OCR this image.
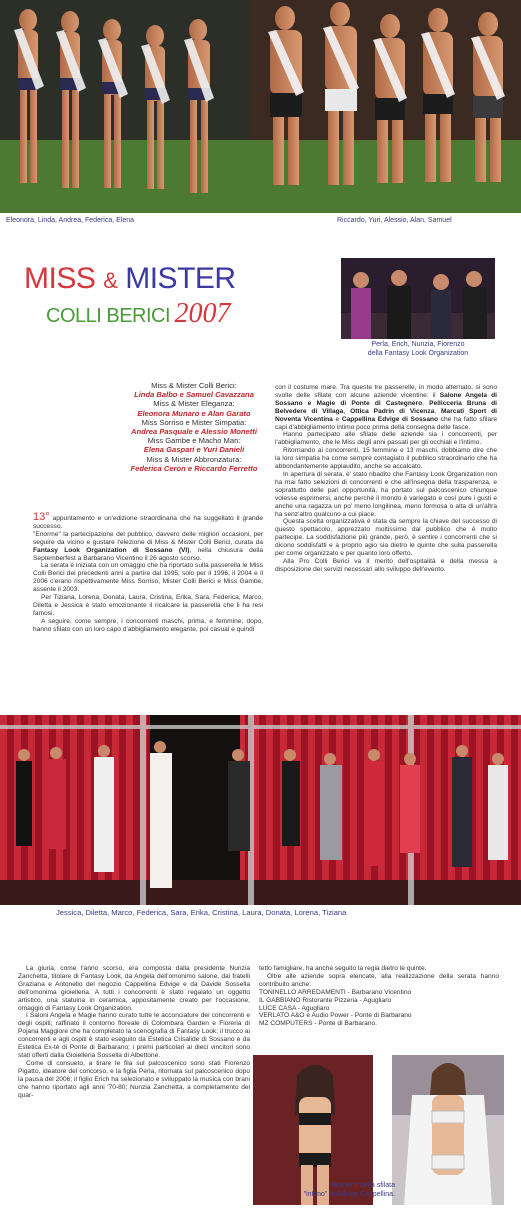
Eleonora, Linda, Andrea, Federica, Elena	Riccardo, Yuri, Alessio, Alan, Samuel
MISS & MISTER
COLLI BERICI 2007
Perla, Erich, Nunzia, Fiorenzo
della Fantasy Look Organization
Miss & Mister Colli Berici:
Linda Balbo e Samuel Cavazzana
Miss & Mister Eleganza:
Eleonora Munaro e Alan Garato
Miss Sorriso e Mister Simpatia:
Andrea Pasquale e Alessio Monetti
Miss Gambe e Macho Man:
Elena Gaspari e Yuri Danieli
Miss & Mister Abbronzatura:
Federica Ceron e Riccardo Ferretto

13° appuntamento e un'edizione straordinaria che ha suggellato il grande successo.

"Enorme" la partecipazione del pubblico, davvero delle migliori occasioni, per seguire da vicino e gustare l'elezione di Miss & Mister Colli Berici, curata da Fantasy Look Organization di Sossano (VI), nella chiusura della Septemberfest a Barbarano Vicentino il 26 agosto scorso.

La serata è iniziata con un omaggio che ha riportato sulla passerella le Miss Colli Berici dei precedenti anni a partire dal 1995; solo per il 1996, il 2004 e il 2006 c'erano rispettivamente Miss Sorriso, Mister Colli Berici e Miss Gambe, assente il 2003.

Per Tiziana, Lorena, Donata, Laura, Cristina, Erika, Sara, Federica, Marco, Diletta e Jessica è stato emozionante il ricalcare la passerella che li ha resi famosi.

A seguire, come sempre, i concorrenti maschi, prima, e femmine, dopo, hanno sfilato con un loro capo d'abbigliamento elegante, poi casual e quindi

con il costume mare. Tra queste tre passerelle, in modo alternato, si sono svolte delle sfilate con alcune aziende vicentine: il Salone Angela di Sossano e Magie di Ponte di Castegnero, Pellicceria Bruna di Belvedere di Villaga, Ottica Padrin di Vicenza, Marcati Sport di Noventa Vicentina e Cappellina Edvige di Sossano che ha fatto sfilare capi d'abbigliamento intimo poco prima della consegna delle fasce.

Hanno partecipato alle sfilate delle aziende sia i concorrenti, per l'abbigliamento, che le Miss degli anni passati per gli occhiali e l'intimo.

Ritornando ai concorrenti, 15 femmine e 13 maschi, dobbiamo dire che la loro simpatia ha come sempre contagiato il pubblico straordinario che ha abbondantemente applaudito, anche se accalcato.

In apertura di serata, è' stato ribadito che Fantasy Look Organization non ha mai fatto selezioni di concorrenti e che all'insegna della trasparenza, e soprattutto delle pari opportunità, ha portato sul palcoscenico chiunque volesse esprimersi, anche perchè il mondo è variegato e così pure i gusti e anche una ragazza un po' meno longilinea, meno formosa o alta di un'altra ha senz'altro qualcuno a cui piace.

Questa scelta organizzativa è stata da sempre la chiave del successo di questo spettacolo, apprezzato moltissimo dal pubblico che è molto partecipe. La soddisfazione più grande, però, è sentire i concorrenti che si dicono soddisfatti e a proprio agio sia dietro le quinte che sulla passerella per come organizzato e per quanto loro offerto.

Alla Pro Colli Berici va il merito dell'ospitalità e della messa a disposizione dei servizi necessari allo sviluppo dell'evento.

Jessica, Diletta, Marco, Federica, Sara, Erika, Cristina, Laura, Donata, Lorena, Tiziana

La giuria, come l'anno scorso, era composta dalla presidente Nunzia Zanchetta, titolare di Fantasy Look, da Angela dell'omonimo salone, dai fratelli Graziana e Antonello del negozio Cappellina Edvige e da Davide Sossella dell'omonima gioielleria. A tutti i concorrenti è stato regalato un oggetto artistico, una statuina in ceramica, appositamente creato per l'occasione, omaggio di Fantasy Look Organization.

I Saloni Angela e Magie hanno curato tutte le acconciature dei concorrenti e degli ospiti; raffinato il contorno floreale di Colombara Garden e Fioreria di Pojana Maggiore che ha completato la scenografia di Fantasy Look; il trucco ai concorrenti e agli ospiti è stato eseguito da Estetica Crisalide di Sossano e da Estetica Ex-tè di Ponte di Barbarano; i premi particolari ai dieci vincitori sono stati offerti dalla Gioielleria Sossella di Albettone.

Come di consueto, a tirare le fila sul palcoscenico sono stati Fiorenzo Pigatto, ideatore del concorso, e la figlia Perla, ritornata sul palcoscenico dopo la pausa del 2006; il figlio Erich ha selezionato e sviluppato la musica con brani che hanno riportato agli anni '70-80; Nunzia Zanchetta, a completamento del quar-

tetto famigliare, ha anche seguito la regia dietro le quinte.

Oltre alle aziende sopra elencate, alla realizzazione della serata hanno contribuito anche:

TONINELLO ARREDAMENTI - Barbarano Vicentino
IL GABBIANO Ristorante Pizzeria - Agugliaro
LUCE CASA - Agugliaro
VERLATO A&O e Audio Power - Ponte di Barbarano
MZ COMPUTERS - Ponte di Barbarano.
Momenti della sfilata
"intimo" di Edvige Cappellina.
